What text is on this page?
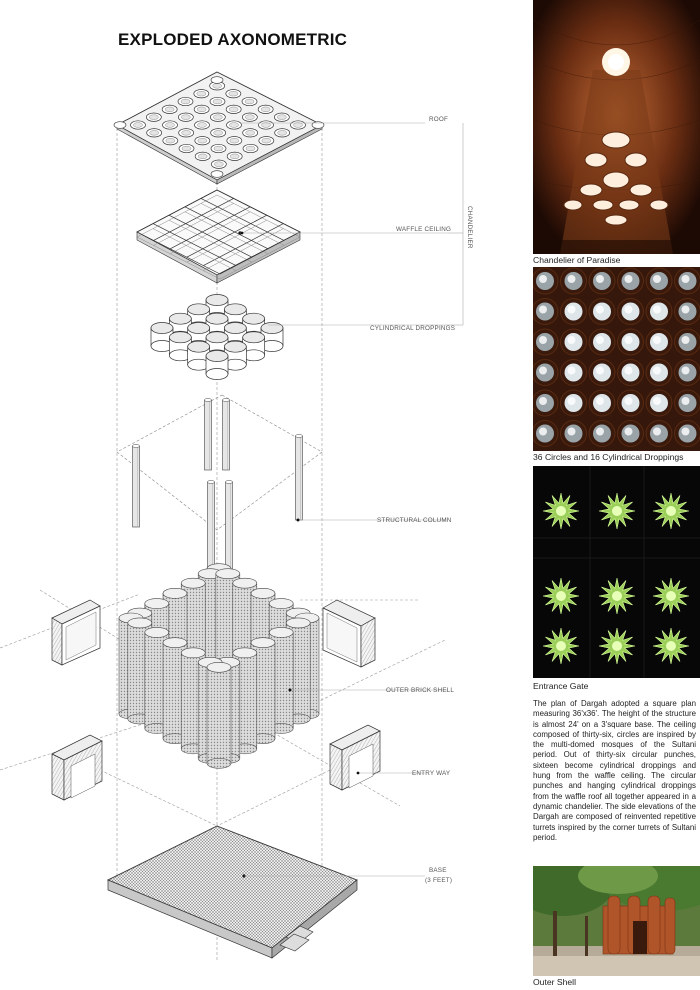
ROOF
WAFFLE CEILING
CYLINDRICAL DROPPINGS
STRUCTURAL COLUMN
OUTER BRICK SHELL
ENTRY WAY
BASE
(3 FEET)
CHANDELIER
EXPLODED AXONOMETRIC
Chandelier of Paradise
36 Circles and 16 Cylindrical Droppings
Entrance Gate
The plan of Dargah adopted a square plan measuring 36'x36'. The height of the structure is almost 24' on a 3'square base. The ceiling composed of thirty-six, circles are inspired by the multi-domed mosques of the Sultani period. Out of thirty-six circular punches, sixteen become cylindrical droppings and hung from the waffle ceiling. The circular punches and hanging cylindrical droppings from the waffle roof all together appeared in a dynamic chandelier. The side elevations of the Dargah are composed of reinvented repetitive turrets inspired by the corner turrets of Sultani period.
Outer Shell
